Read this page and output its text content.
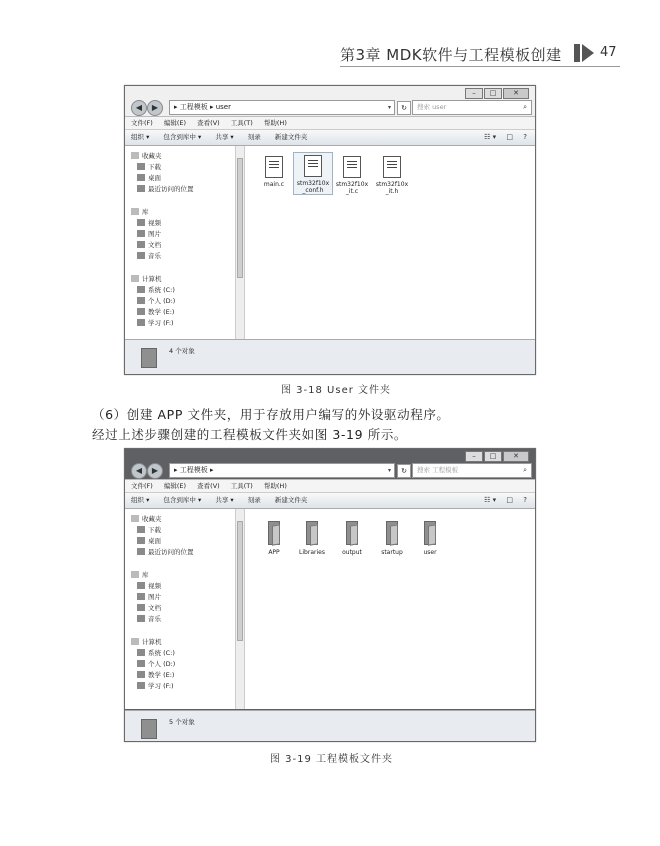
第3章 MDK软件与工程模板创建	47
–	□	✕
◀	▶	▸ 工程模板 ▸ user	▾	↻	搜索 user	⌕
文件(F) 编辑(E) 查看(V) 工具(T) 帮助(H)
组织 ▾ 包含到库中 ▾ 共享 ▾ 刻录 新建文件夹	☷ ▾ □ ?
收藏夹
下载
桌面
最近访问的位置
库
视频
图片
文档
音乐
计算机
系统 (C:)
个人 (D:)
教学 (E:)
学习 (F:)
main.c	stm32f10x
_conf.h
stm32f10x
_it.c
stm32f10x
_it.h
4 个对象
图 3-18 User 文件夹
（6）创建 APP 文件夹，用于存放用户编写的外设驱动程序。
经过上述步骤创建的工程模板文件夹如图 3-19 所示。
–	□	✕
◀	▶	▸ 工程模板 ▸	▾	↻	搜索 工程模板	⌕
文件(F) 编辑(E) 查看(V) 工具(T) 帮助(H)
组织 ▾ 包含到库中 ▾ 共享 ▾ 刻录 新建文件夹	☷ ▾ □ ?
收藏夹
下载
桌面
最近访问的位置
库
视频
图片
文档
音乐
计算机
系统 (C:)
个人 (D:)
教学 (E:)
学习 (F:)
APP	Libraries	output	startup	user
5 个对象
图 3-19 工程模板文件夹
